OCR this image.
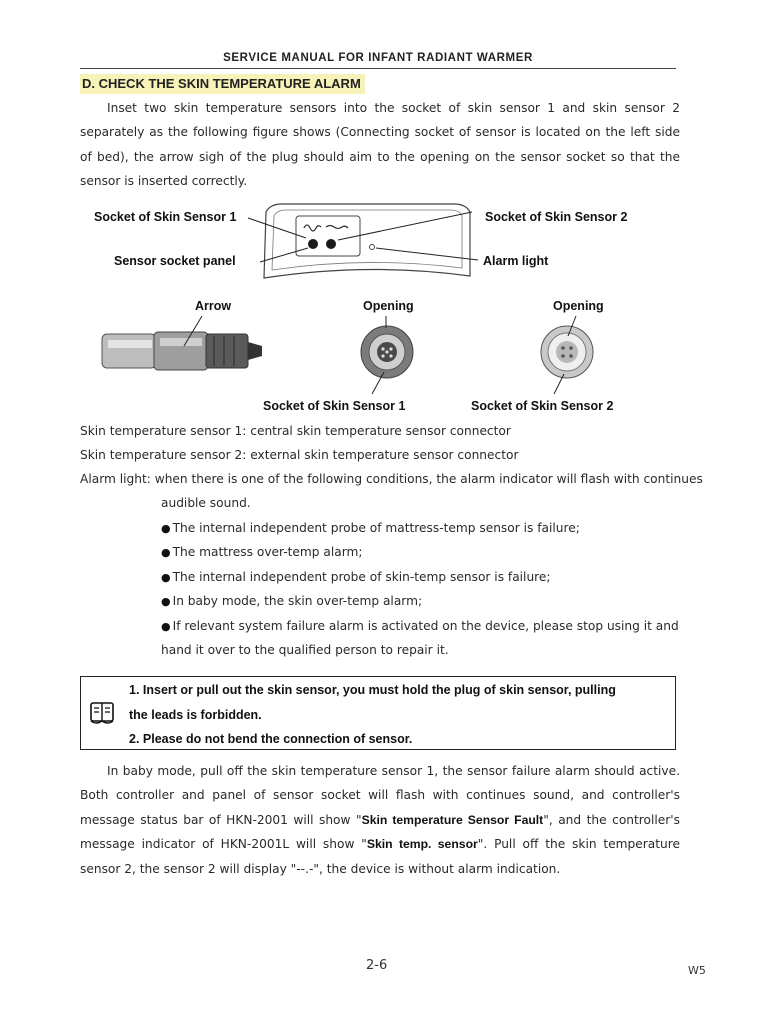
SERVICE MANUAL FOR INFANT RADIANT WARMER
D. CHECK THE SKIN TEMPERATURE ALARM
Inset two skin temperature sensors into the socket of skin sensor 1 and skin sensor 2 separately as the following figure shows (Connecting socket of sensor is located on the left side of bed), the arrow sigh of the plug should aim to the opening on the sensor socket so that the sensor is inserted correctly.
Socket of Skin Sensor 1	Socket of Skin Sensor 2
Sensor socket panel	Alarm light
Arrow	Opening	Opening
Socket of Skin Sensor 1	Socket of Skin Sensor 2
Skin temperature sensor 1: central skin temperature sensor connector
Skin temperature sensor 2: external skin temperature sensor connector
Alarm light: when there is one of the following conditions, the alarm indicator will flash with continues
audible sound.
● The internal independent probe of mattress-temp sensor is failure;
● The mattress over-temp alarm;
● The internal independent probe of skin-temp sensor is failure;
● In baby mode, the skin over-temp alarm;
● If relevant system failure alarm is activated on the device, please stop using it and
hand it over to the qualified person to repair it.
1. Insert or pull out the skin sensor, you must hold the plug of skin sensor, pulling
the leads is forbidden.
2. Please do not bend the connection of sensor.
In baby mode, pull off the skin temperature sensor 1, the sensor failure alarm should active. Both controller and panel of sensor socket will flash with continues sound, and controller's message status bar of HKN-2001 will show "Skin temperature Sensor Fault", and the controller's message indicator of HKN-2001L will show "Skin temp. sensor". Pull off the skin temperature sensor 2, the sensor 2 will display "--.-", the device is without alarm indication.
2-6	W5
